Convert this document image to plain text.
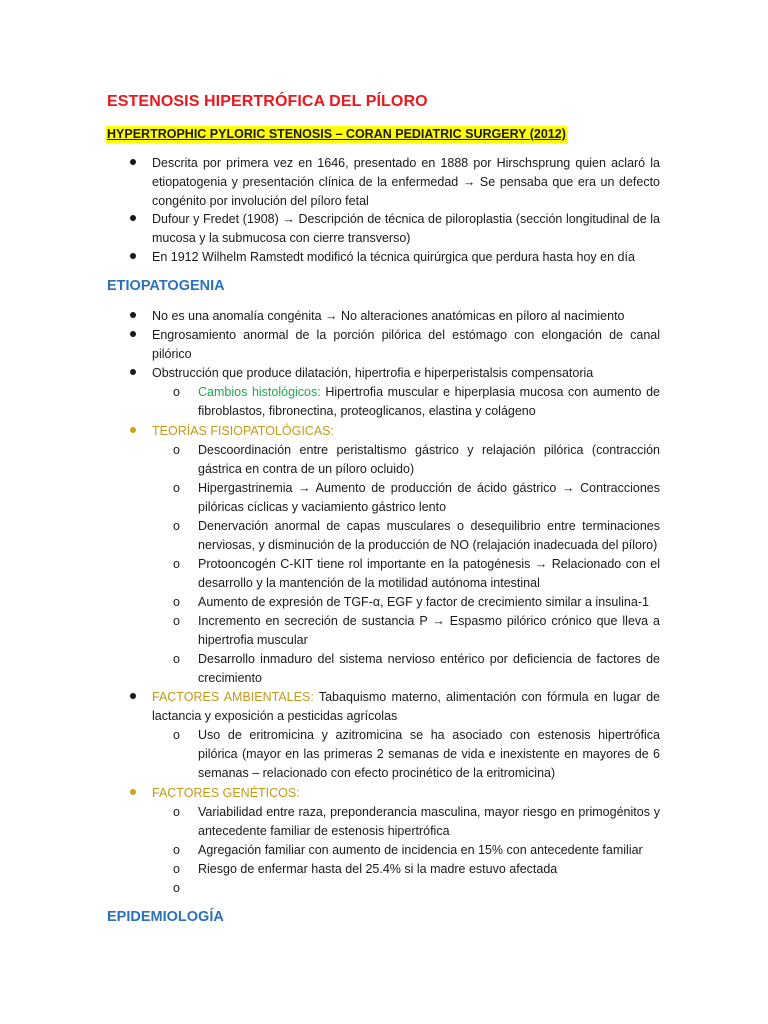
ESTENOSIS HIPERTRÓFICA DEL PÍLORO
HYPERTROPHIC PYLORIC STENOSIS – CORAN PEDIATRIC SURGERY (2012)
Descrita por primera vez en 1646, presentado en 1888 por Hirschsprung quien aclaró la etiopatogenia y presentación clínica de la enfermedad → Se pensaba que era un defecto congénito por involución del píloro fetal
Dufour y Fredet (1908) → Descripción de técnica de piloroplastia (sección longitudinal de la mucosa y la submucosa con cierre transverso)
En 1912 Wilhelm Ramstedt modificó la técnica quirúrgica que perdura hasta hoy en día
ETIOPATOGENIA
No es una anomalía congénita → No alteraciones anatómicas en píloro al nacimiento
Engrosamiento anormal de la porción pilórica del estómago con elongación de canal pilórico
Obstrucción que produce dilatación, hipertrofia e hiperperistalsis compensatoria
o Cambios histológicos: Hipertrofia muscular e hiperplasia mucosa con aumento de fibroblastos, fibronectina, proteoglicanos, elastina y colágeno
TEORÍAS FISIOPATOLÓGICAS:
o Descoordinación entre peristaltismo gástrico y relajación pilórica (contracción gástrica en contra de un píloro ocluido)
o Hipergastrinemia → Aumento de producción de ácido gástrico → Contracciones pilóricas cíclicas y vaciamiento gástrico lento
o Denervación anormal de capas musculares o desequilibrio entre terminaciones nerviosas, y disminución de la producción de NO (relajación inadecuada del píloro)
o Protooncogén C-KIT tiene rol importante en la patogénesis → Relacionado con el desarrollo y la mantención de la motilidad autónoma intestinal
o Aumento de expresión de TGF-α, EGF y factor de crecimiento similar a insulina-1
o Incremento en secreción de sustancia P → Espasmo pilórico crónico que lleva a hipertrofia muscular
o Desarrollo inmaduro del sistema nervioso entérico por deficiencia de factores de crecimiento
FACTORES AMBIENTALES: Tabaquismo materno, alimentación con fórmula en lugar de lactancia y exposición a pesticidas agrícolas
o Uso de eritromicina y azitromicina se ha asociado con estenosis hipertrófica pilórica (mayor en las primeras 2 semanas de vida e inexistente en mayores de 6 semanas – relacionado con efecto procinético de la eritromicina)
FACTORES GENÉTICOS:
o Variabilidad entre raza, preponderancia masculina, mayor riesgo en primogénitos y antecedente familiar de estenosis hipertrófica
o Agregación familiar con aumento de incidencia en 15% con antecedente familiar
o Riesgo de enfermar hasta del 25.4% si la madre estuvo afectada
o
EPIDEMIOLOGÍA
